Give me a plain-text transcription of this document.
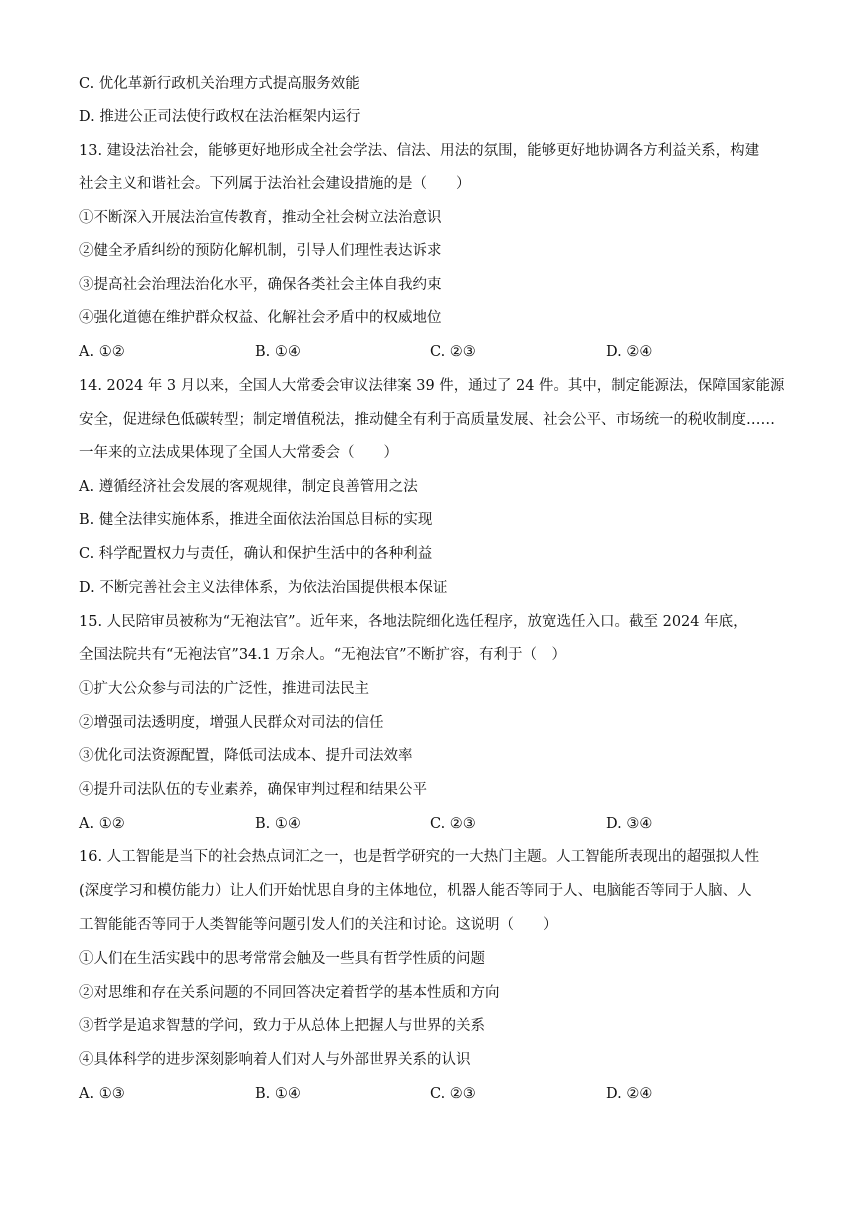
C. 优化革新行政机关治理方式提高服务效能
D. 推进公正司法使行政权在法治框架内运行
13. 建设法治社会，能够更好地形成全社会学法、信法、用法的氛围，能够更好地协调各方利益关系，构建
社会主义和谐社会。下列属于法治社会建设措施的是（　　）
①不断深入开展法治宣传教育，推动全社会树立法治意识
②健全矛盾纠纷的预防化解机制，引导人们理性表达诉求
③提高社会治理法治化水平，确保各类社会主体自我约束
④强化道德在维护群众权益、化解社会矛盾中的权威地位
A. ①②	B. ①④	C. ②③	D. ②④
14. 2024 年 3 月以来，全国人大常委会审议法律案 39 件，通过了 24 件。其中，制定能源法，保障国家能源
安全，促进绿色低碳转型；制定增值税法，推动健全有利于高质量发展、社会公平、市场统一的税收制度……
一年来的立法成果体现了全国人大常委会（　　）
A. 遵循经济社会发展的客观规律，制定良善管用之法
B. 健全法律实施体系，推进全面依法治国总目标的实现
C. 科学配置权力与责任，确认和保护生活中的各种利益
D. 不断完善社会主义法律体系，为依法治国提供根本保证
15. 人民陪审员被称为“无袍法官”。近年来，各地法院细化选任程序，放宽选任入口。截至 2024 年底，
全国法院共有“无袍法官”34.1 万余人。“无袍法官”不断扩容，有利于（　）
①扩大公众参与司法的广泛性，推进司法民主
②增强司法透明度，增强人民群众对司法的信任
③优化司法资源配置，降低司法成本、提升司法效率
④提升司法队伍的专业素养，确保审判过程和结果公平
A. ①②	B. ①④	C. ②③	D. ③④
16. 人工智能是当下的社会热点词汇之一，也是哲学研究的一大热门主题。人工智能所表现出的超强拟人性
(深度学习和模仿能力）让人们开始忧思自身的主体地位，机器人能否等同于人、电脑能否等同于人脑、人
工智能能否等同于人类智能等问题引发人们的关注和讨论。这说明（　　）
①人们在生活实践中的思考常常会触及一些具有哲学性质的问题
②对思维和存在关系问题的不同回答决定着哲学的基本性质和方向
③哲学是追求智慧的学问，致力于从总体上把握人与世界的关系
④具体科学的进步深刻影响着人们对人与外部世界关系的认识
A. ①③	B. ①④	C. ②③	D. ②④
